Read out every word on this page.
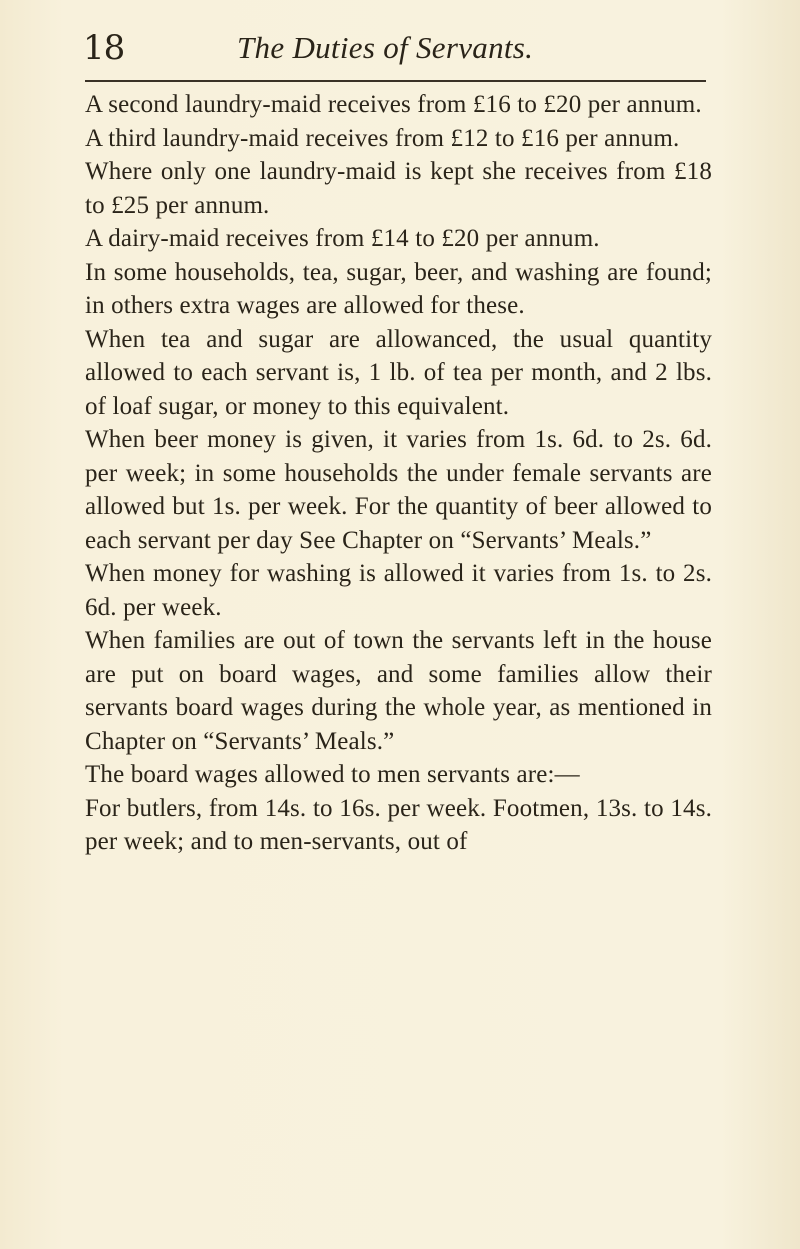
18	The Duties of Servants.

A second laundry-maid receives from £16 to £20 per annum.

A third laundry-maid receives from £12 to £16 per annum.

Where only one laundry-maid is kept she receives from £18 to £25 per annum.

A dairy-maid receives from £14 to £20 per annum.

In some households, tea, sugar, beer, and washing are found; in others extra wages are allowed for these.

When tea and sugar are allowanced, the usual quantity allowed to each servant is, 1 lb. of tea per month, and 2 lbs. of loaf sugar, or money to this equivalent.

When beer money is given, it varies from 1s. 6d. to 2s. 6d. per week; in some households the under female servants are allowed but 1s. per week. For the quantity of beer allowed to each servant per day See Chapter on “Servants’ Meals.”

When money for washing is allowed it varies from 1s. to 2s. 6d. per week.

When families are out of town the servants left in the house are put on board wages, and some families allow their servants board wages during the whole year, as mentioned in Chapter on “Servants’ Meals.”

The board wages allowed to men servants are:—

For butlers, from 14s. to 16s. per week. Footmen, 13s. to 14s. per week; and to men-servants, out of
